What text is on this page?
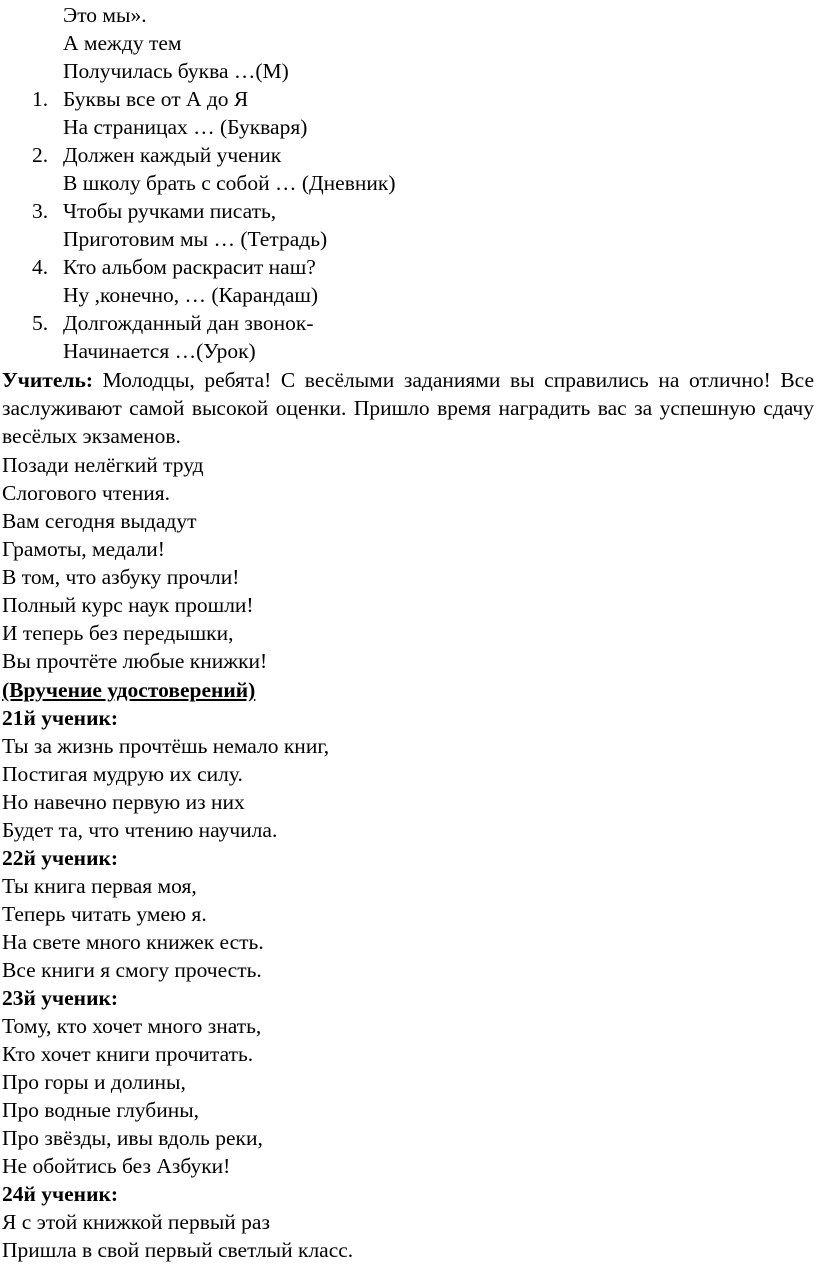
Это мы».
А между тем
Получилась буква …(М)
1. Буквы все от А до Я
На страницах … (Букваря)
2. Должен каждый ученик
В школу брать с собой … (Дневник)
3. Чтобы ручками писать,
Приготовим мы … (Тетрадь)
4. Кто альбом раскрасит наш?
Ну ,конечно, … (Карандаш)
5. Долгожданный дан звонок-
Начинается …(Урок)
Учитель: Молодцы, ребята! С весёлыми заданиями вы справились на отлично! Все заслуживают самой высокой оценки. Пришло время наградить вас за успешную сдачу весёлых экзаменов.
Позади нелёгкий труд
Слогового чтения.
Вам сегодня выдадут
Грамоты, медали!
В том, что азбуку прочли!
Полный курс наук прошли!
И теперь без передышки,
Вы прочтёте любые книжки!
(Вручение удостоверений)
21й ученик:
Ты за жизнь прочтёшь немало книг,
Постигая мудрую их силу.
Но навечно первую из них
Будет та, что чтению научила.
22й ученик:
Ты книга первая моя,
Теперь читать умею я.
На свете много книжек есть.
Все книги я смогу прочесть.
23й ученик:
Тому, кто хочет много знать,
Кто хочет книги прочитать.
Про горы и долины,
Про водные глубины,
Про звёзды, ивы вдоль реки,
Не обойтись без Азбуки!
24й ученик:
Я с этой книжкой первый раз
Пришла в свой первый светлый класс.
